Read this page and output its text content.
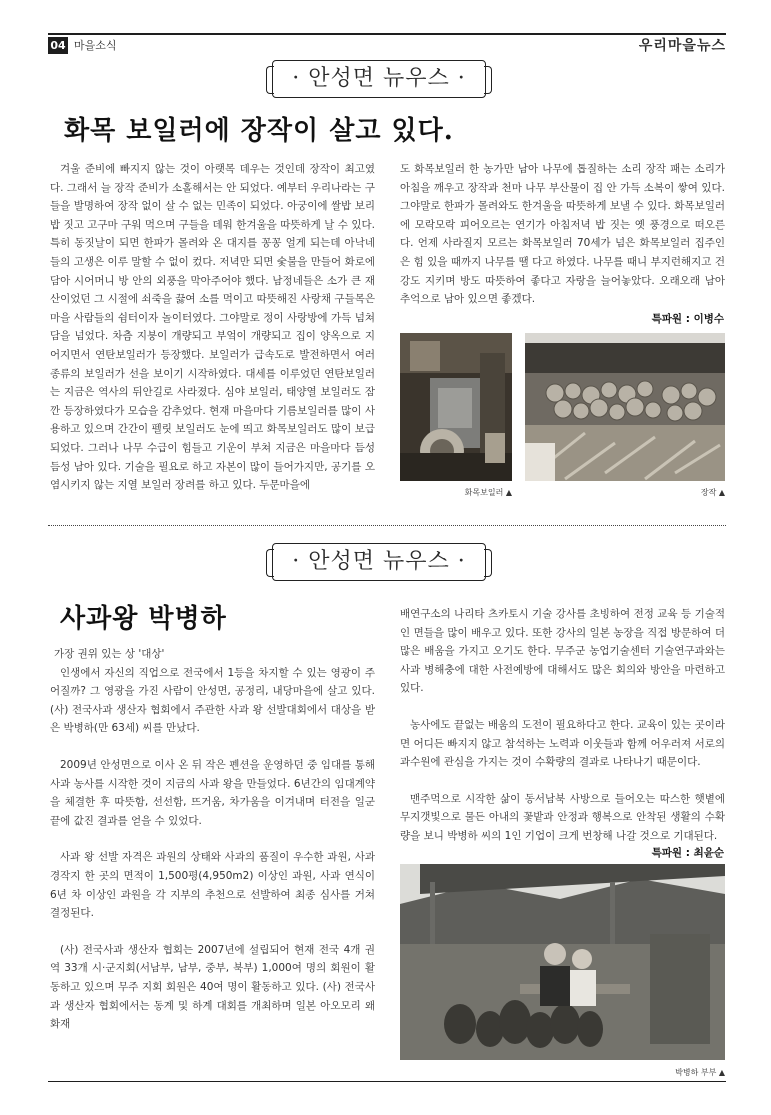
04 마을소식	우리마을뉴스
· 안성면 뉴우스 ·
화목 보일러에 장작이 살고 있다.

겨울 준비에 빠지지 않는 것이 아랫목 데우는 것인데 장작이 최고였다. 그래서 늘 장작 준비가 소홀해서는 안 되었다. 예부터 우리나라는 구들을 발명하여 장작 없이 살 수 없는 민족이 되었다. 아궁이에 쌀밥 보리밥 짓고 고구마 구워 먹으며 구들을 데워 한겨울을 따뜻하게 날 수 있다. 특히 동짓날이 되면 한파가 몰려와 온 대지를 꽁꽁 얼게 되는데 아낙네들의 고생은 이루 말할 수 없이 컸다. 저녁만 되면 숯불을 만들어 화로에 담아 시어머니 방 안의 외풍을 막아주어야 했다. 남정네들은 소가 큰 재산이었던 그 시절에 쇠죽을 끓여 소를 먹이고 따뜻해진 사랑채 구들목은 마을 사람들의 쉼터이자 놀이터였다. 그야말로 정이 사랑방에 가득 넘쳐 담을 넘었다. 차츰 지붕이 개량되고 부엌이 개량되고 집이 양옥으로 지어지면서 연탄보일러가 등장했다. 보일러가 급속도로 발전하면서 여러 종류의 보일러가 선을 보이기 시작하였다. 대세를 이루었던 연탄보일러는 지금은 역사의 뒤안길로 사라졌다. 심야 보일러, 태양열 보일러도 잠깐 등장하였다가 모습을 감추었다. 현재 마을마다 기름보일러를 많이 사용하고 있으며 간간이 펠릿 보일러도 눈에 띄고 화목보일러도 많이 보급되었다. 그러나 나무 수급이 힘들고 기운이 부쳐 지금은 마을마다 듬성듬성 남아 있다. 기술을 필요로 하고 자본이 많이 들어가지만, 공기를 오염시키지 않는 지열 보일러 장려를 하고 있다. 두문마을에

도 화목보일러 한 농가만 남아 나무에 톱질하는 소리 장작 패는 소리가 아침을 깨우고 장작과 천마 나무 부산물이 집 안 가득 소복이 쌓여 있다. 그야말로 한파가 몰려와도 한겨울을 따뜻하게 보낼 수 있다. 화목보일러에 모락모락 피어오르는 연기가 아침저녁 밥 짓는 옛 풍경으로 떠오른다. 언제 사라질지 모르는 화목보일러 70세가 넘은 화목보일러 집주인은 힘 있을 때까지 나무를 땔 다고 하였다. 나무를 때니 부지런해지고 건강도 지키며 방도 따뜻하여 좋다고 자랑을 늘어놓았다. 오래오래 남아 추억으로 남아 있으면 좋겠다.

특파원 : 이병수
화목보일러 ▲	장작 ▲
· 안성면 뉴우스 ·
사과왕 박병하

가장 권위 있는 상 '대상'

인생에서 자신의 직업으로 전국에서 1등을 차지할 수 있는 영광이 주어질까? 그 영광을 가진 사람이 안성면, 공정리, 내당마을에 살고 있다. (사) 전국사과 생산자 협회에서 주관한 사과 왕 선발대회에서 대상을 받은 박병하(만 63세) 씨를 만났다.

2009년 안성면으로 이사 온 뒤 작은 펜션을 운영하던 중 임대를 통해 사과 농사를 시작한 것이 지금의 사과 왕을 만들었다. 6년간의 임대계약을 체결한 후 따뜻함, 선선함, 뜨거움, 차가움을 이겨내며 터전을 일군 끝에 값진 결과를 얻을 수 있었다.

사과 왕 선발 자격은 과원의 상태와 사과의 품질이 우수한 과원, 사과 경작지 한 곳의 면적이 1,500평(4,950m2) 이상인 과원, 사과 연식이 6년 차 이상인 과원을 각 지부의 추천으로 선발하여 최종 심사를 거쳐 결정된다.

(사) 전국사과 생산자 협회는 2007년에 설립되어 현재 전국 4개 권역 33개 시·군지회(서남부, 남부, 중부, 북부) 1,000여 명의 회원이 활동하고 있으며 무주 지회 회원은 40여 명이 활동하고 있다. (사) 전국사과 생산자 협회에서는 동계 및 하계 대회를 개최하며 일본 아오모리 왜화재

배연구소의 나리타 츠카토시 기술 강사를 초빙하여 전정 교육 등 기술적인 면들을 많이 배우고 있다. 또한 강사의 일본 농장을 직접 방문하여 더 많은 배움을 가지고 오기도 한다. 무주군 농업기술센터 기술연구과와는 사과 병해충에 대한 사전예방에 대해서도 많은 회의와 방안을 마련하고 있다.

농사에도 끝없는 배움의 도전이 필요하다고 한다. 교육이 있는 곳이라면 어디든 빠지지 않고 참석하는 노력과 이웃들과 함께 어우러져 서로의 과수원에 관심을 가지는 것이 수확량의 결과로 나타나기 때문이다.

맨주먹으로 시작한 삶이 동서남북 사방으로 들어오는 따스한 햇볕에 무지갯빛으로 물든 아내의 꽃밭과 안정과 행복으로 안착된 생활의 수확량을 보니 박병하 씨의 1인 기업이 크게 번창해 나갈 것으로 기대된다.

특파원 : 최윤순
박병하 부부 ▲
